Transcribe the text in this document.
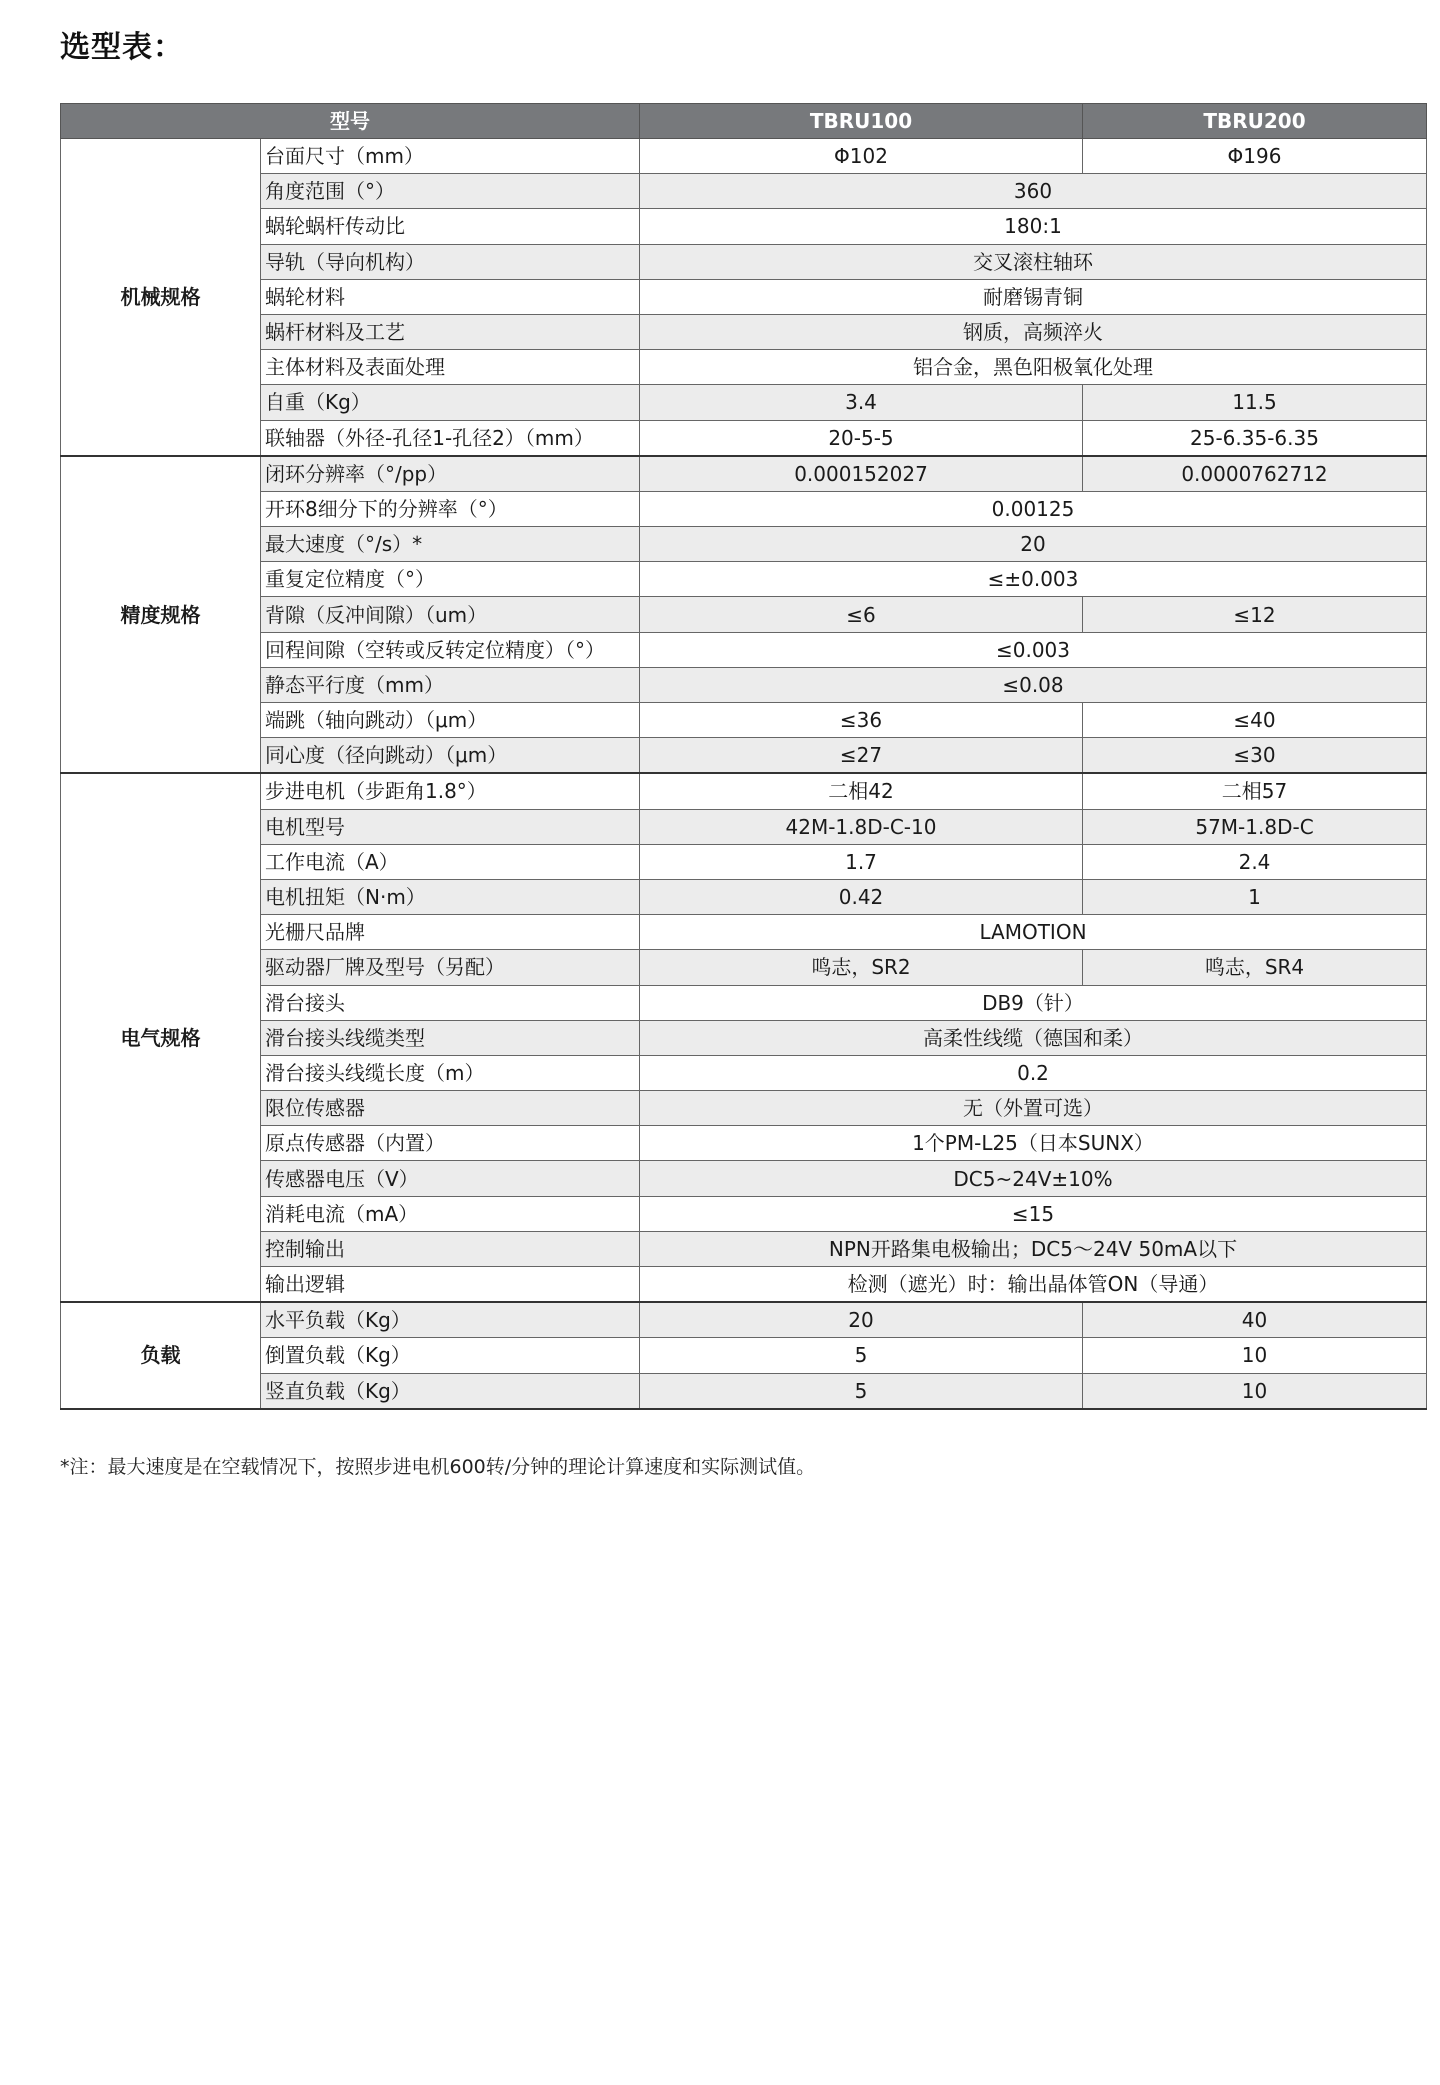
选型表：
型号		TBRU100	TBRU200
机械规格	台面尺寸（mm）	Φ102	Φ196
	角度范围（°）	360	
	蜗轮蜗杆传动比	180:1	
	导轨（导向机构）	交叉滚柱轴环	
	蜗轮材料	耐磨锡青铜	
	蜗杆材料及工艺	钢质，高频淬火	
	主体材料及表面处理	铝合金，黑色阳极氧化处理	
	自重（Kg）	3.4	11.5
	联轴器（外径-孔径1-孔径2）（mm）	20-5-5	25-6.35-6.35
精度规格	闭环分辨率（°/pp）	0.000152027	0.0000762712
	开环8细分下的分辨率（°）	0.00125	
	最大速度（°/s）*	20	
	重复定位精度（°）	≤±0.003	
	背隙（反冲间隙）（um）	≤6	≤12
	回程间隙（空转或反转定位精度）（°）	≤0.003	
	静态平行度（mm）	≤0.08	
	端跳（轴向跳动）（μm）	≤36	≤40
	同心度（径向跳动）（μm）	≤27	≤30
电气规格	步进电机（步距角1.8°）	二相42	二相57
	电机型号	42M-1.8D-C-10	57M-1.8D-C
	工作电流（A）	1.7	2.4
	电机扭矩（N·m）	0.42	1
	光栅尺品牌	LAMOTION	
	驱动器厂牌及型号（另配）	鸣志，SR2	鸣志，SR4
	滑台接头	DB9（针）	
	滑台接头线缆类型	高柔性线缆（德国和柔）	
	滑台接头线缆长度（m）	0.2	
	限位传感器	无（外置可选）	
	原点传感器（内置）	1个PM-L25（日本SUNX）	
	传感器电压（V）	DC5~24V±10%	
	消耗电流（mA）	≤15	
	控制输出	NPN开路集电极输出；DC5～24V 50mA以下	
	输出逻辑	检测（遮光）时：输出晶体管ON（导通）	
负载	水平负载（Kg）	20	40
	倒置负载（Kg）	5	10
	竖直负载（Kg）	5	10

*注：最大速度是在空载情况下，按照步进电机600转/分钟的理论计算速度和实际测试值。
